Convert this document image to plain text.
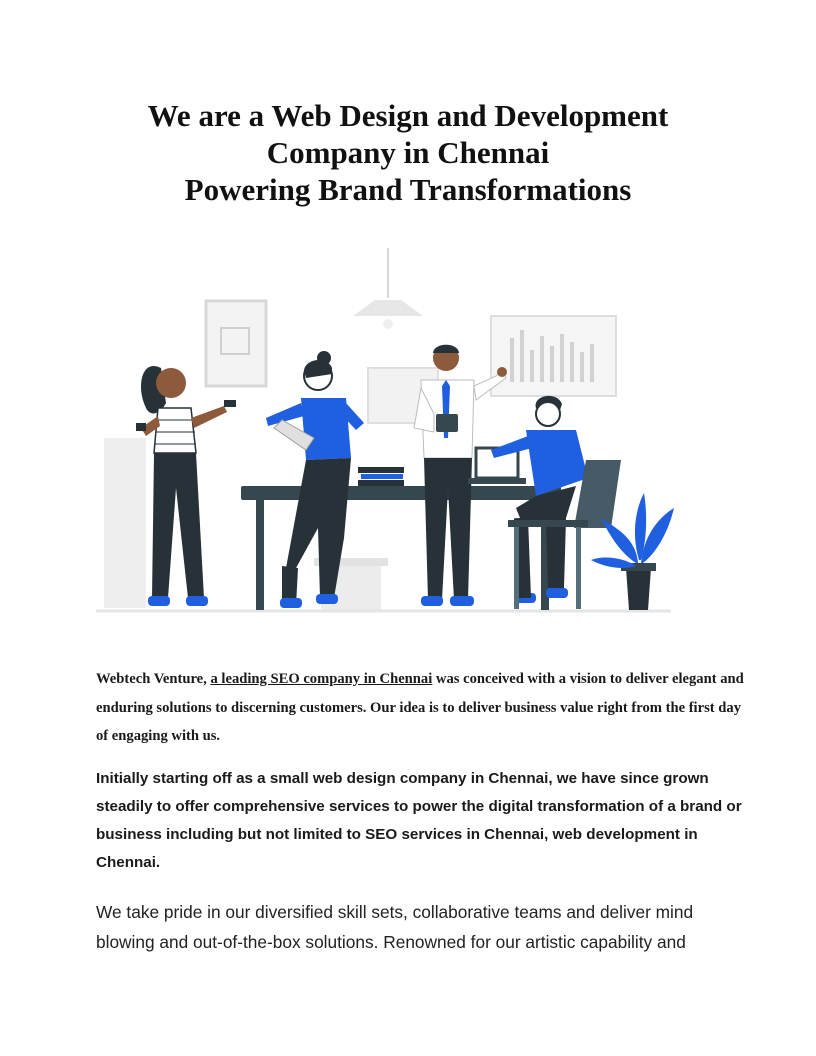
We are a Web Design and Development
Company in Chennai
Powering Brand Transformations

Webtech Venture, a leading SEO company in Chennai was conceived with a vision to deliver elegant and enduring solutions to discerning customers. Our idea is to deliver business value right from the first day of engaging with us.

Initially starting off as a small web design company in Chennai, we have since grown steadily to offer comprehensive services to power the digital transformation of a brand or business including but not limited to SEO services in Chennai, web development in Chennai.

We take pride in our diversified skill sets, collaborative teams and deliver mind blowing and out-of-the-box solutions. Renowned for our artistic capability and
